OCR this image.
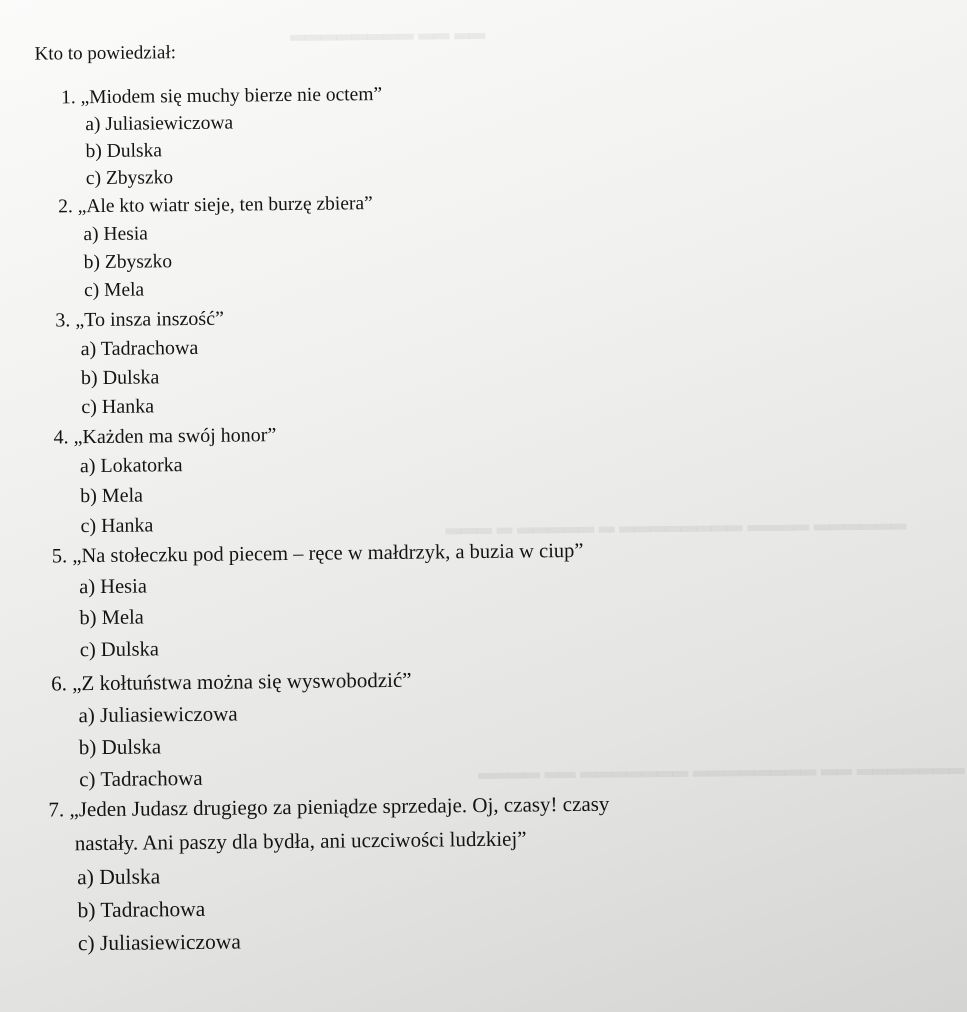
▂▂ ▂▂ ▂▂▂▂▂▂▂▂
▂▂▂▂▂▂ ▂▂▂▂ ▂▂▂▂▂▂▂▂ ▂ ▂▂▂▂▂ ▂ ▂▂▂
▂▂▂▂▂▂▂ ▂▂ ▂▂▂▂▂▂▂▂ ▂▂▂▂▂▂▂ ▂▂ ▂▂▂▂
Kto to powiedział:
1. „Miodem się muchy bierze nie octem”
a) Juliasiewiczowa
b) Dulska
c) Zbyszko
2. „Ale kto wiatr sieje, ten burzę zbiera”
a) Hesia
b) Zbyszko
c) Mela
3. „To insza inszość”
a) Tadrachowa
b) Dulska
c) Hanka
4. „Każden ma swój honor”
a) Lokatorka
b) Mela
c) Hanka
5. „Na stołeczku pod piecem – ręce w małdrzyk, a buzia w ciup”
a) Hesia
b) Mela
c) Dulska
6. „Z kołtuństwa można się wyswobodzić”
a) Juliasiewiczowa
b) Dulska
c) Tadrachowa
7. „Jeden Judasz drugiego za pieniądze sprzedaje. Oj, czasy! czasy
nastały. Ani paszy dla bydła, ani uczciwości ludzkiej”
a) Dulska
b) Tadrachowa
c) Juliasiewiczowa
